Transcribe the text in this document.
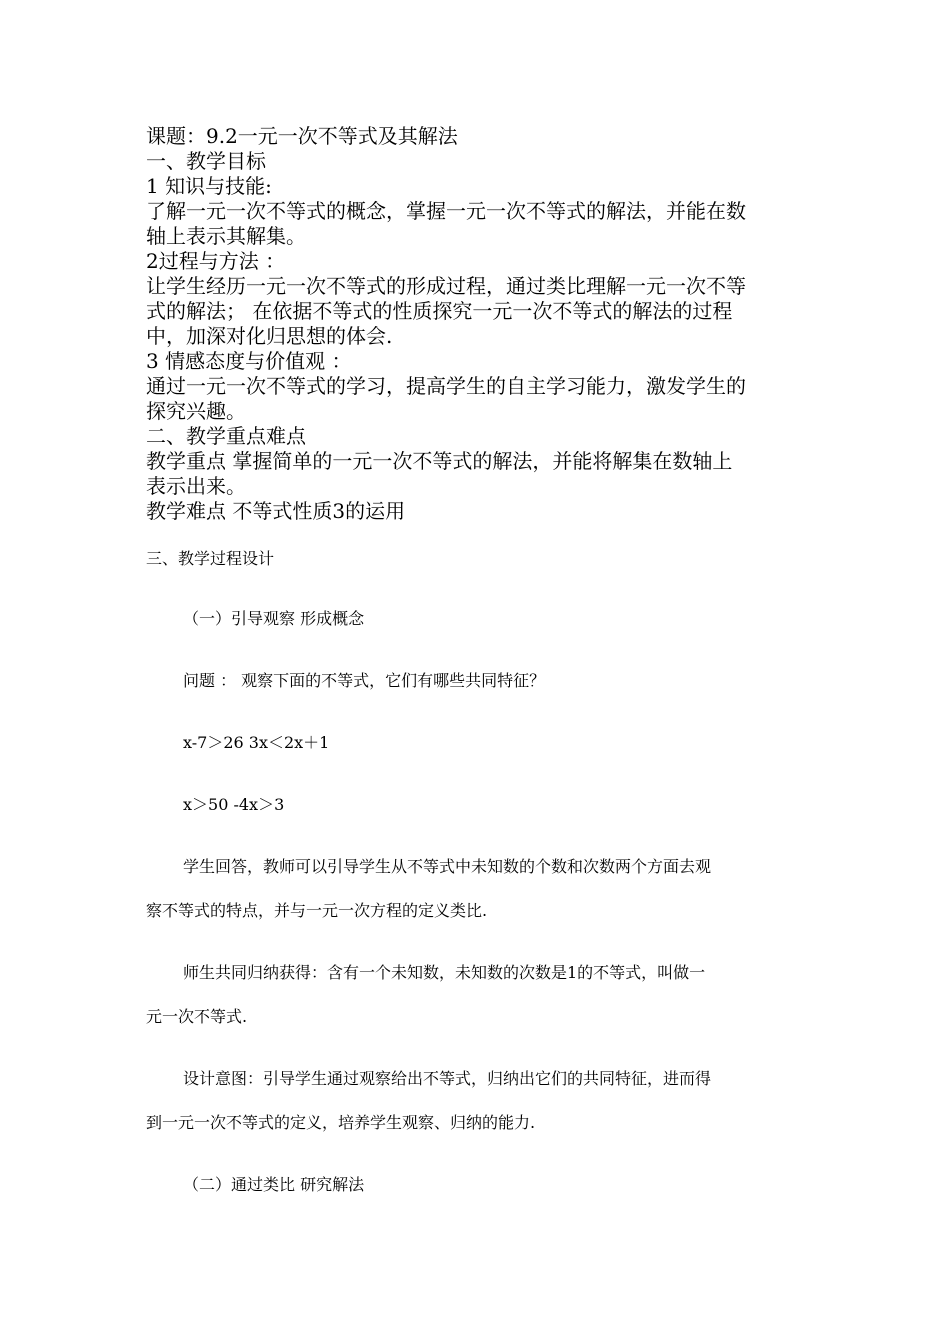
课题：9.2一元一次不等式及其解法
一、教学目标
1 知识与技能:
了解一元一次不等式的概念，掌握一元一次不等式的解法，并能在数
轴上表示其解集。
2过程与方法 ：
让学生经历一元一次不等式的形成过程，通过类比理解一元一次不等
式的解法； 在依据不等式的性质探究一元一次不等式的解法的过程
中，加深对化归思想的体会.
3 情感态度与价值观 ：
通过一元一次不等式的学习，提高学生的自主学习能力，激发学生的
探究兴趣。
二、教学重点难点
教学重点 掌握简单的一元一次不等式的解法，并能将解集在数轴上
表示出来。
教学难点 不等式性质3的运用
三、教学过程设计
（一）引导观察 形成概念
问题 ： 观察下面的不等式，它们有哪些共同特征？
x-7＞26 3x＜2x＋1
x＞50 -4x＞3
学生回答，教师可以引导学生从不等式中未知数的个数和次数两个方面去观
察不等式的特点，并与一元一次方程的定义类比.
师生共同归纳获得：含有一个未知数，未知数的次数是1的不等式，叫做一
元一次不等式.
设计意图：引导学生通过观察给出不等式，归纳出它们的共同特征，进而得
到一元一次不等式的定义，培养学生观察、归纳的能力.
（二）通过类比 研究解法
